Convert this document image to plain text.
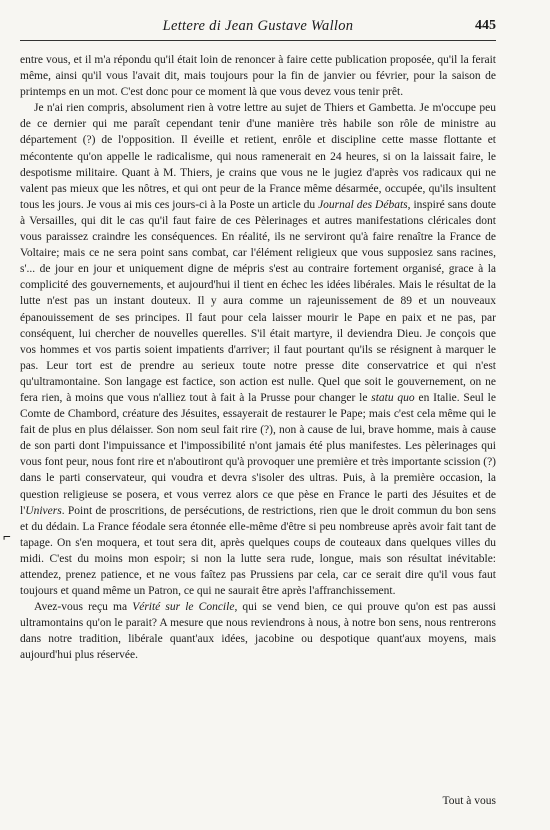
Lettere di Jean Gustave Wallon	445
⌐

entre vous, et il m'a répondu qu'il était loin de renoncer à faire cette publication proposée, qu'il la ferait même, ainsi qu'il vous l'avait dit, mais toujours pour la fin de janvier ou février, pour la saison de printemps en un mot. C'est donc pour ce moment là que vous devez vous tenir prêt.

Je n'ai rien compris, absolument rien à votre lettre au sujet de Thiers et Gambetta. Je m'occupe peu de ce dernier qui me paraît cependant tenir d'une manière très habile son rôle de ministre au département (?) de l'opposition. Il éveille et retient, enrôle et discipline cette masse flottante et mécontente qu'on appelle le radicalisme, qui nous ramenerait en 24 heures, si on la laissait faire, le despotisme militaire. Quant à M. Thiers, je crains que vous ne le jugiez d'après vos radicaux qui ne valent pas mieux que les nôtres, et qui ont peur de la France même désarmée, occupée, qu'ils insultent tous les jours. Je vous ai mis ces jours-ci à la Poste un article du Journal des Débats, inspiré sans doute à Versailles, qui dit le cas qu'il faut faire de ces Pèlerinages et autres manifestations cléricales dont vous paraissez craindre les conséquences. En réalité, ils ne serviront qu'à faire renaître la France de Voltaire; mais ce ne sera point sans combat, car l'élément religieux que vous supposiez sans racines, s'... de jour en jour et uniquement digne de mépris s'est au contraire fortement organisé, grace à la complicité des gouvernements, et aujourd'hui il tient en échec les idées libérales. Mais le résultat de la lutte n'est pas un instant douteux. Il y aura comme un rajeunissement de 89 et un nouveaux épanouissement de ses principes. Il faut pour cela laisser mourir le Pape en paix et ne pas, par conséquent, lui chercher de nouvelles querelles. S'il était martyre, il deviendra Dieu. Je conçois que vos hommes et vos partis soient impatients d'arriver; il faut pourtant qu'ils se résignent à marquer le pas. Leur tort est de prendre au serieux toute notre presse dite conservatrice et qui n'est qu'ultramontaine. Son langage est factice, son action est nulle. Quel que soit le gouvernement, on ne fera rien, à moins que vous n'alliez tout à fait à la Prusse pour changer le statu quo en Italie. Seul le Comte de Chambord, créature des Jésuites, essayerait de restaurer le Pape; mais c'est cela même qui le fait de plus en plus délaisser. Son nom seul fait rire (?), non à cause de lui, brave homme, mais à cause de son parti dont l'impuissance et l'impossibilité n'ont jamais été plus manifestes. Les pèlerinages qui vous font peur, nous font rire et n'aboutiront qu'à provoquer une première et très importante scission (?) dans le parti conservateur, qui voudra et devra s'isoler des ultras. Puis, à la première occasion, la question religieuse se posera, et vous verrez alors ce que pèse en France le parti des Jésuites et de l'Univers. Point de proscritions, de persécutions, de restrictions, rien que le droit commun du bon sens et du dédain. La France féodale sera étonnée elle-même d'être si peu nombreuse après avoir fait tant de tapage. On s'en moquera, et tout sera dit, après quelques coups de couteaux dans quelques villes du midi. C'est du moins mon espoir; si non la lutte sera rude, longue, mais son résultat inévitable: attendez, prenez patience, et ne vous faîtez pas Prussiens par cela, car ce serait dire qu'il vous faut toujours et quand même un Patron, ce qui ne saurait être après l'affranchissement.

Avez-vous reçu ma Vérité sur le Concile, qui se vend bien, ce qui prouve qu'on est pas aussi ultramontains qu'on le parait? A mesure que nous reviendrons à nous, à notre bon sens, nous rentrerons dans notre tradition, libérale quant'aux idées, jacobine ou despotique quant'aux moyens, mais aujourd'hui plus réservée.

Tout à vous
